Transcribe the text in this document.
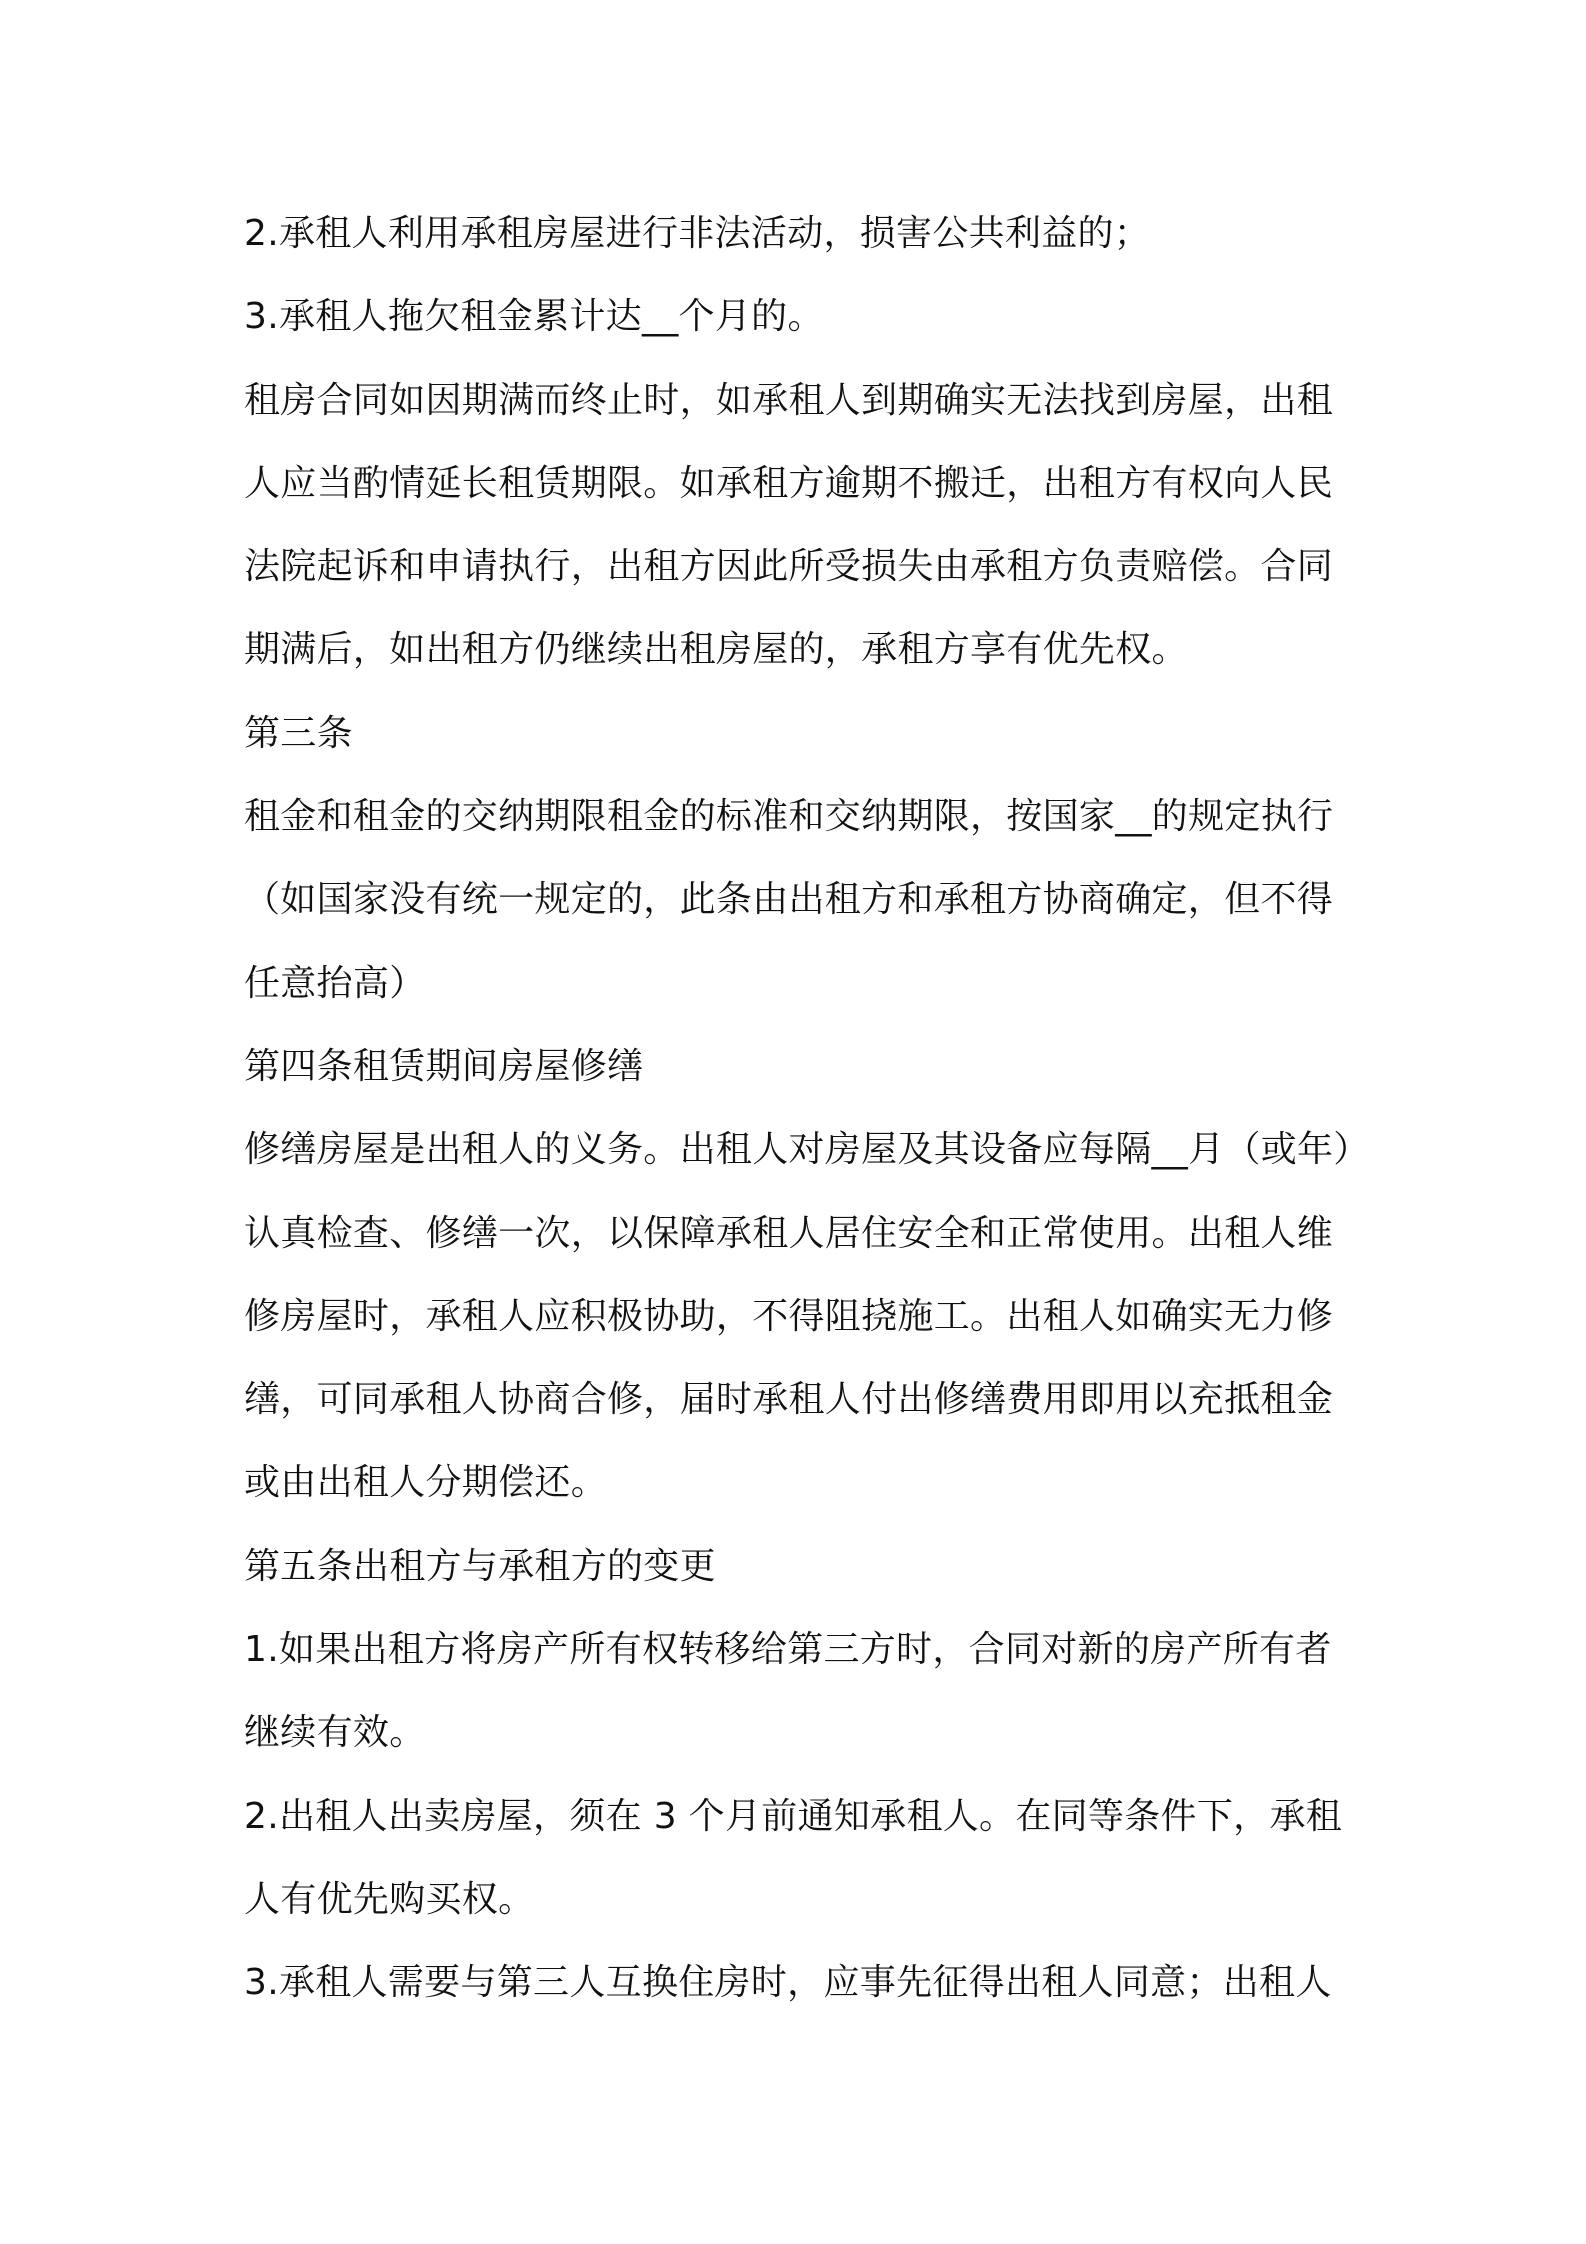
2.承租人利用承租房屋进行非法活动，损害公共利益的；
3.承租人拖欠租金累计达__个月的。
租房合同如因期满而终止时，如承租人到期确实无法找到房屋，出租
人应当酌情延长租赁期限。如承租方逾期不搬迁，出租方有权向人民
法院起诉和申请执行，出租方因此所受损失由承租方负责赔偿。合同
期满后，如出租方仍继续出租房屋的，承租方享有优先权。
第三条
租金和租金的交纳期限租金的标准和交纳期限，按国家__的规定执行
（如国家没有统一规定的，此条由出租方和承租方协商确定，但不得
任意抬高）
第四条租赁期间房屋修缮
修缮房屋是出租人的义务。出租人对房屋及其设备应每隔__月（或年）
认真检查、修缮一次，以保障承租人居住安全和正常使用。出租人维
修房屋时，承租人应积极协助，不得阻挠施工。出租人如确实无力修
缮，可同承租人协商合修，届时承租人付出修缮费用即用以充抵租金
或由出租人分期偿还。
第五条出租方与承租方的变更
1.如果出租方将房产所有权转移给第三方时，合同对新的房产所有者
继续有效。
2.出租人出卖房屋，须在 3 个月前通知承租人。在同等条件下，承租
人有优先购买权。
3.承租人需要与第三人互换住房时，应事先征得出租人同意；出租人
